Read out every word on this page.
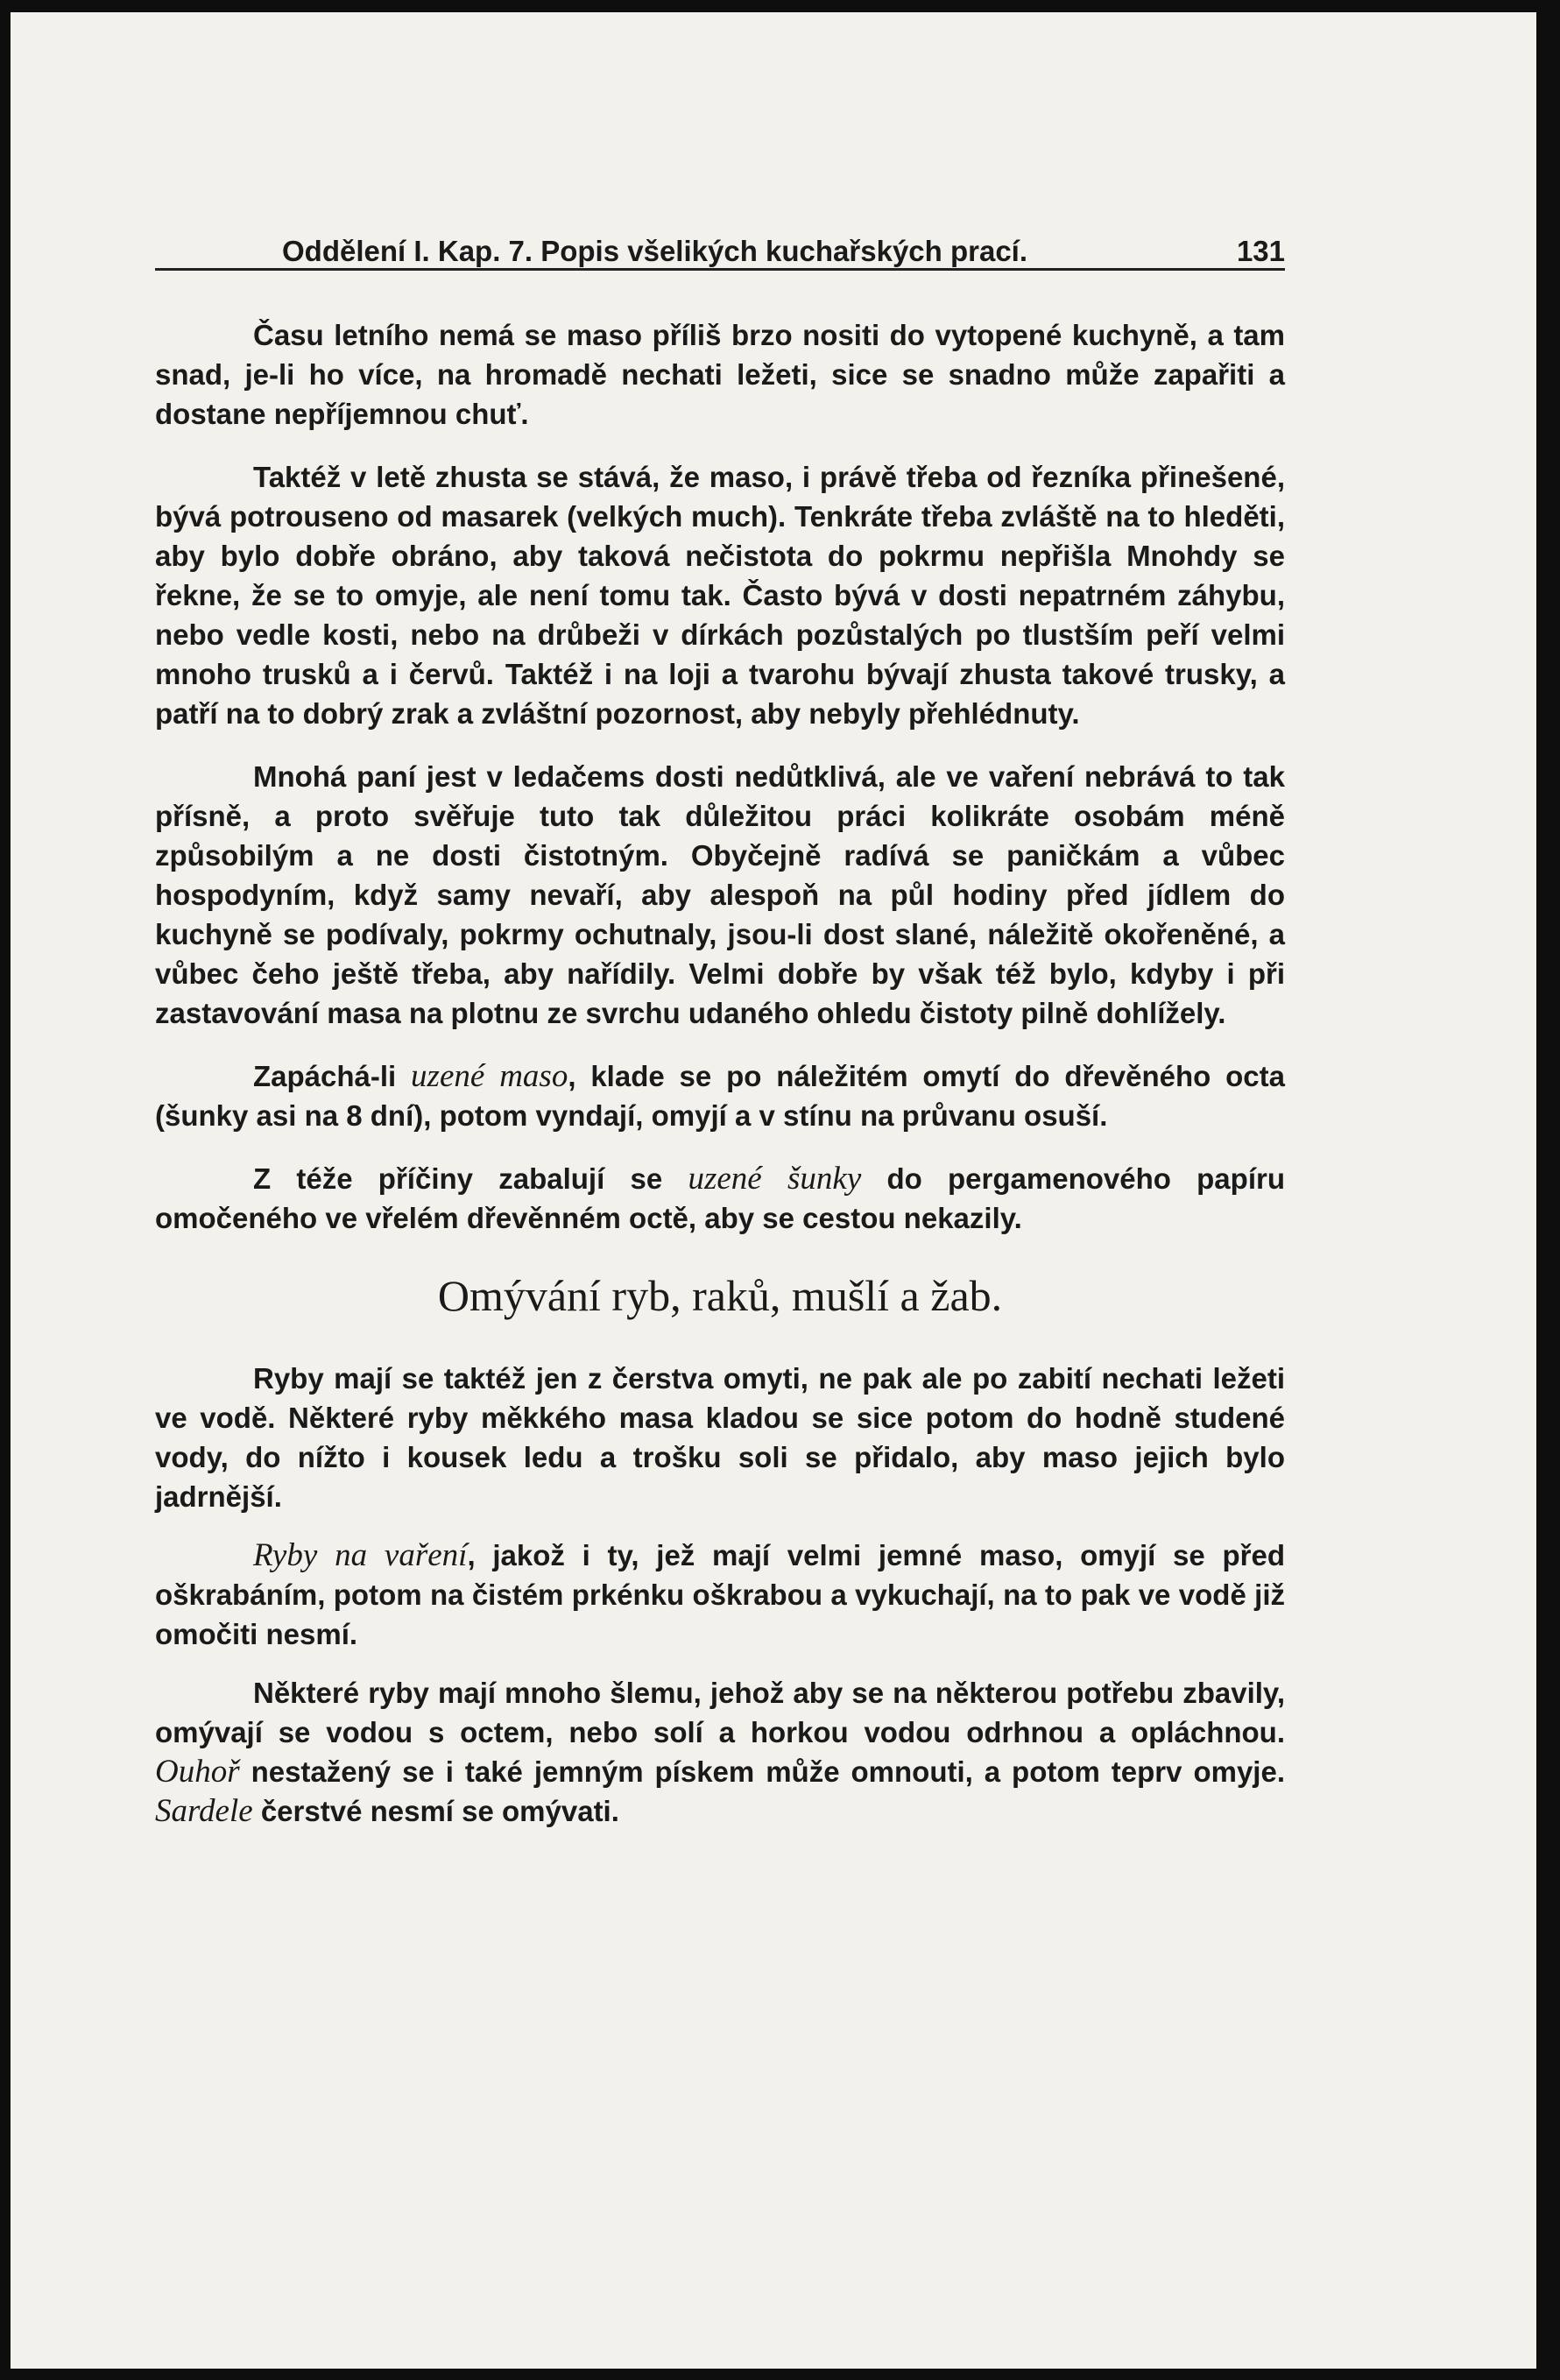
Oddělení I. Kap. 7. Popis všelikých kuchařských prací.	131

Času letního nemá se maso příliš brzo nositi do vytopené kuchyně, a tam snad, je-li ho více, na hromadě nechati ležeti, sice se snadno může zapařiti a dostane nepříjemnou chuť.

Taktéž v letě zhusta se stává, že maso, i právě třeba od řezníka přinešené, bývá potrouseno od masarek (velkých much). Tenkráte třeba zvláště na to hleděti, aby bylo dobře obráno, aby taková nečistota do pokrmu nepřišla Mnohdy se řekne, že se to omyje, ale není tomu tak. Často bývá v dosti nepatrném záhybu, nebo vedle kosti, nebo na drůbeži v dírkách pozůstalých po tlustším peří velmi mnoho trusků a i červů. Taktéž i na loji a tvarohu bývají zhusta takové trusky, a patří na to dobrý zrak a zvláštní pozornost, aby nebyly přehlédnuty.

Mnohá paní jest v ledačems dosti nedůtklivá, ale ve vaření nebrává to tak přísně, a proto svěřuje tuto tak důležitou práci kolikráte osobám méně způsobilým a ne dosti čistotným. Obyčejně radívá se paničkám a vůbec hospodyním, když samy nevaří, aby alespoň na půl hodiny před jídlem do kuchyně se podívaly, pokrmy ochutnaly, jsou-li dost slané, náležitě okořeněné, a vůbec čeho ještě třeba, aby nařídily. Velmi dobře by však též bylo, kdyby i při zastavování masa na plotnu ze svrchu udaného ohledu čistoty pilně dohlížely.

Zapáchá-li uzené maso, klade se po náležitém omytí do dřevěného octa (šunky asi na 8 dní), potom vyndají, omyjí a v stínu na průvanu osuší.

Z téže příčiny zabalují se uzené šunky do pergamenového papíru omočeného ve vřelém dřevěnném octě, aby se cestou nekazily.

Omývání ryb, raků, mušlí a žab.

Ryby mají se taktéž jen z čerstva omyti, ne pak ale po zabití nechati ležeti ve vodě. Některé ryby měkkého masa kladou se sice potom do hodně studené vody, do nížto i kousek ledu a trošku soli se přidalo, aby maso jejich bylo jadrnější.

Ryby na vaření, jakož i ty, jež mají velmi jemné maso, omyjí se před oškrabáním, potom na čistém prkénku oškrabou a vykuchají, na to pak ve vodě již omočiti nesmí.

Některé ryby mají mnoho šlemu, jehož aby se na některou potřebu zbavily, omývají se vodou s octem, nebo solí a horkou vodou odrhnou a opláchnou. Ouhoř nestažený se i také jemným pískem může omnouti, a potom teprv omyje. Sardele čerstvé nesmí se omývati.
